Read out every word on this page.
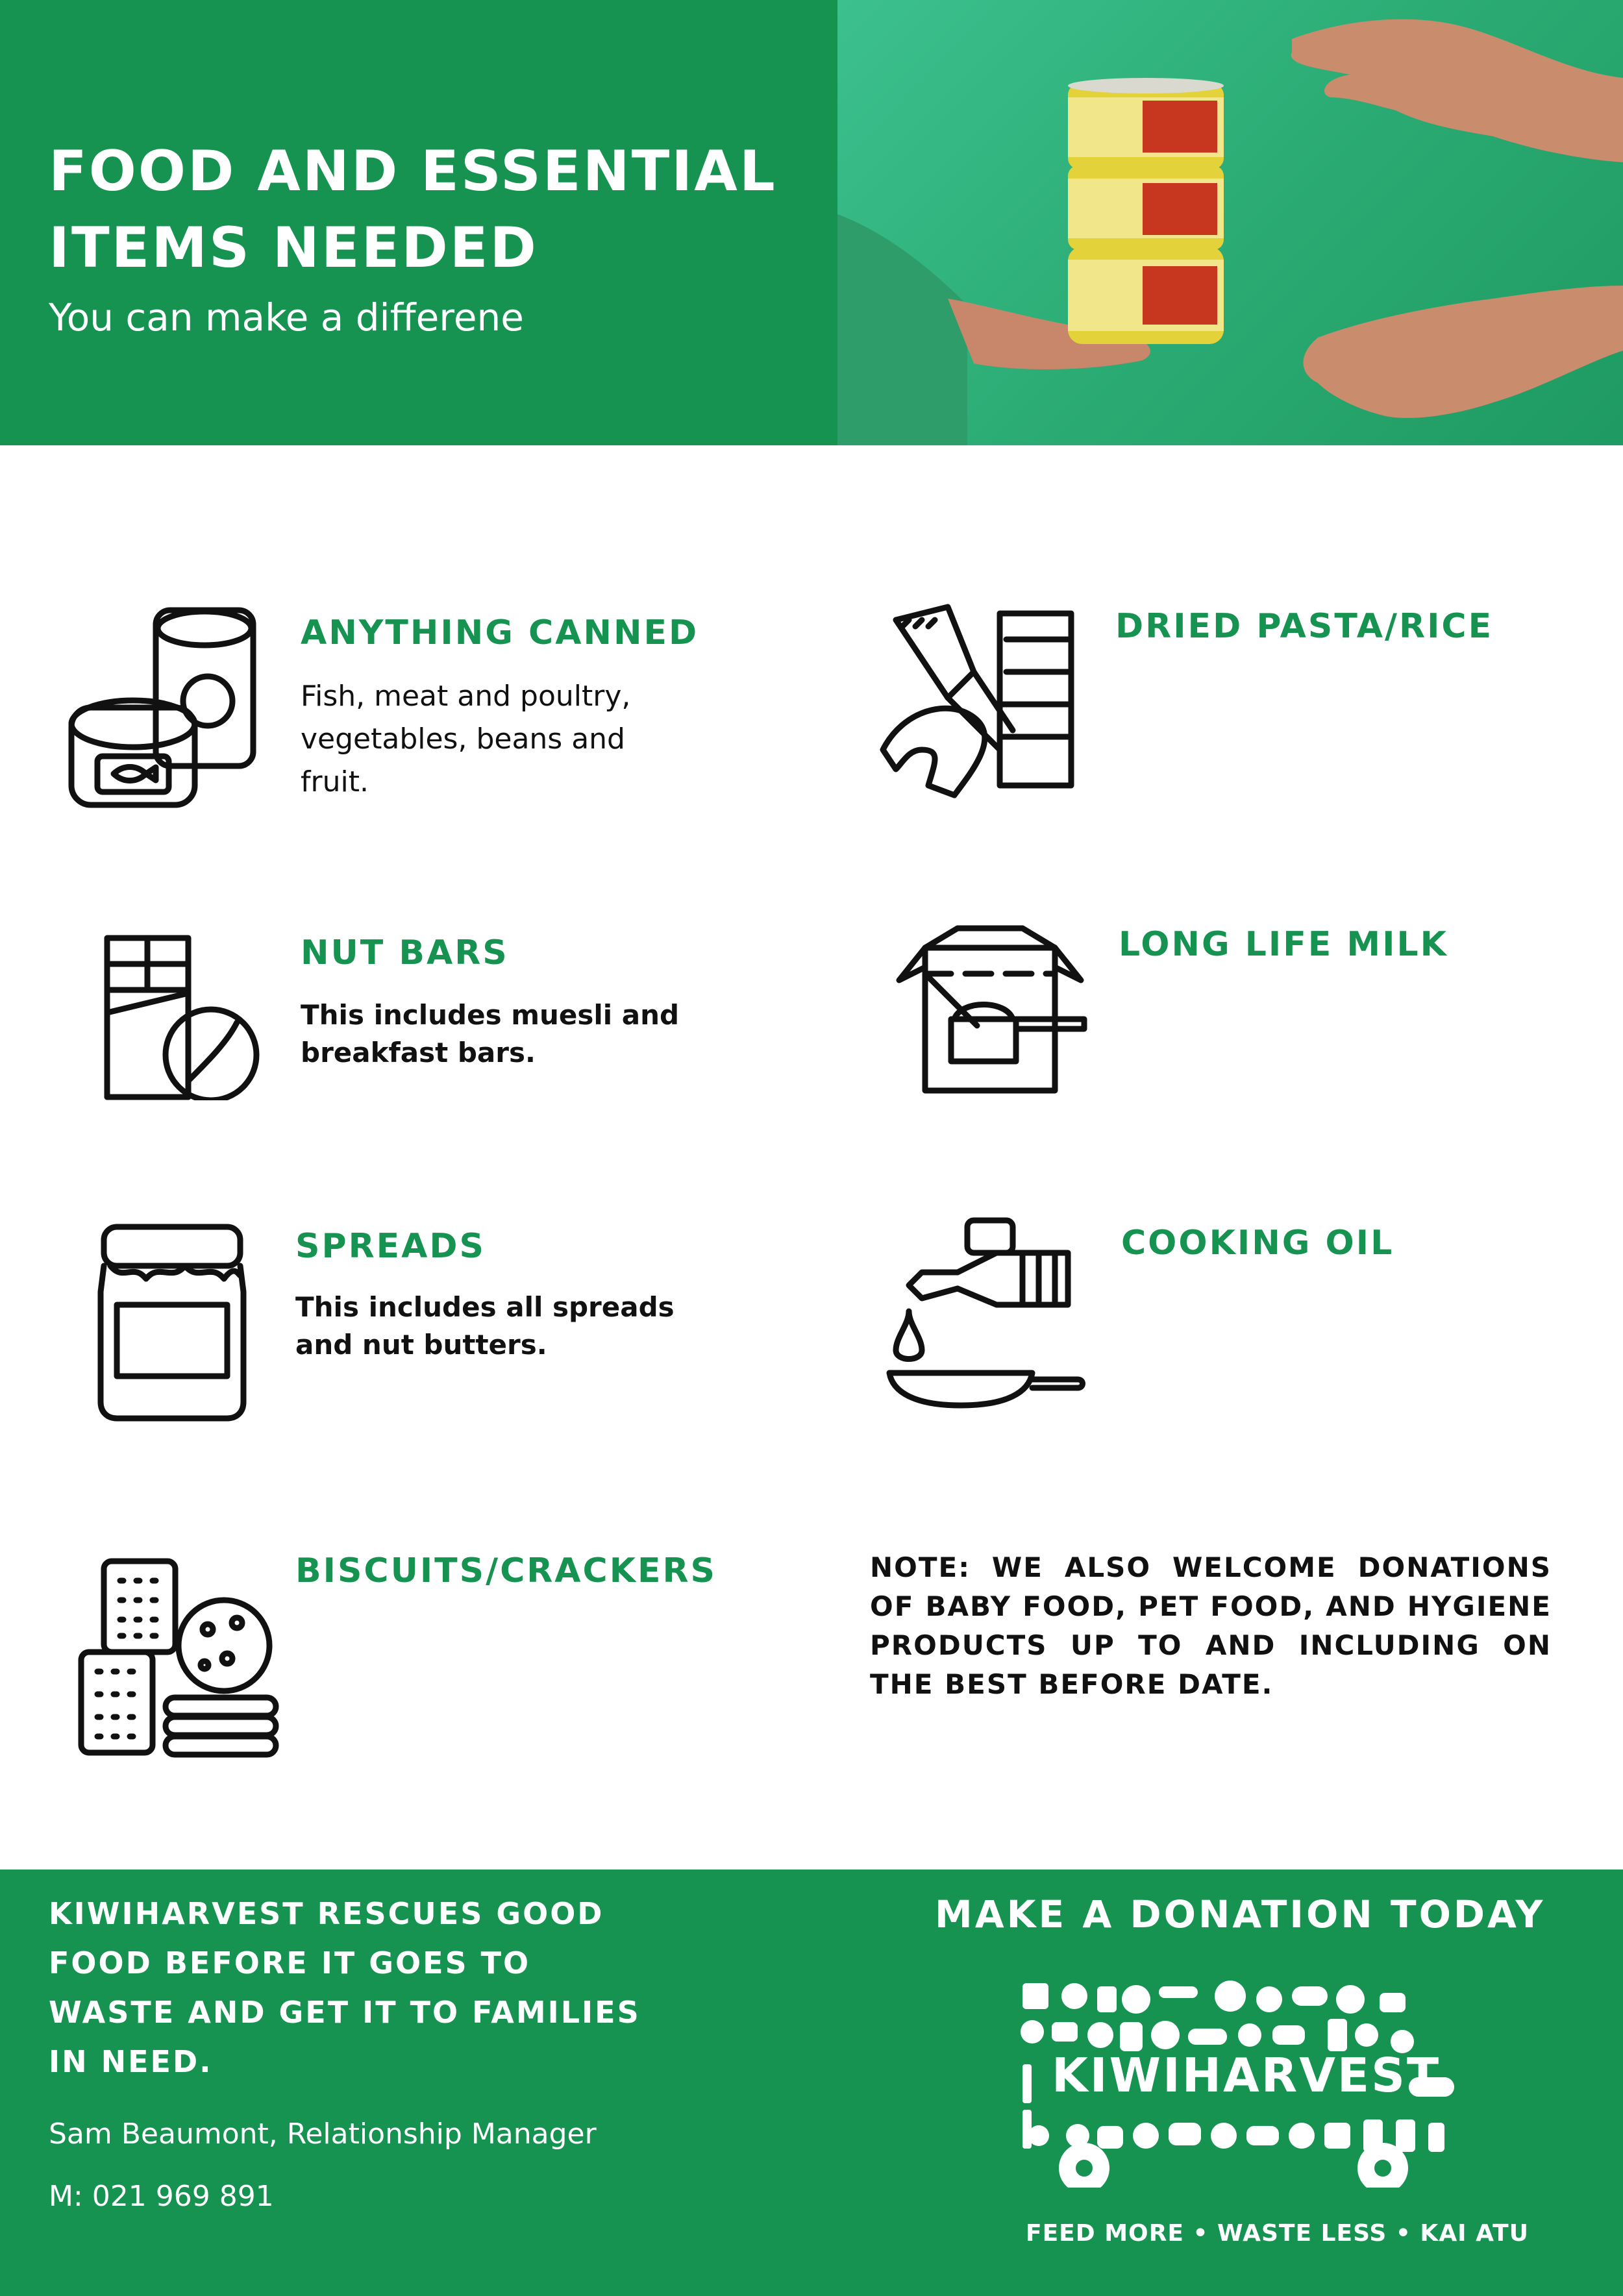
FOOD AND ESSENTIAL
ITEMS NEEDED

You can make a differene

ANYTHING CANNED
Fish, meat and poultry,
vegetables, beans and
fruit.
DRIED PASTA/RICE
NUT BARS
This includes muesli and
breakfast bars.
LONG LIFE MILK
SPREADS
This includes all spreads
and nut butters.
COOKING OIL
BISCUITS/CRACKERS	NOTE: WE ALSO WELCOME DONATIONS OF BABY FOOD, PET FOOD, AND HYGIENE PRODUCTS UP TO AND INCLUDING ON THE BEST BEFORE DATE.

KIWIHARVEST RESCUES GOOD
FOOD BEFORE IT GOES TO
WASTE AND GET IT TO FAMILIES
IN NEED.

Sam Beaumont, Relationship Manager
M: 021 969 891
MAKE A DONATION TODAY
KIWIHARVEST
FEED MORE • WASTE LESS • KAI ATU
